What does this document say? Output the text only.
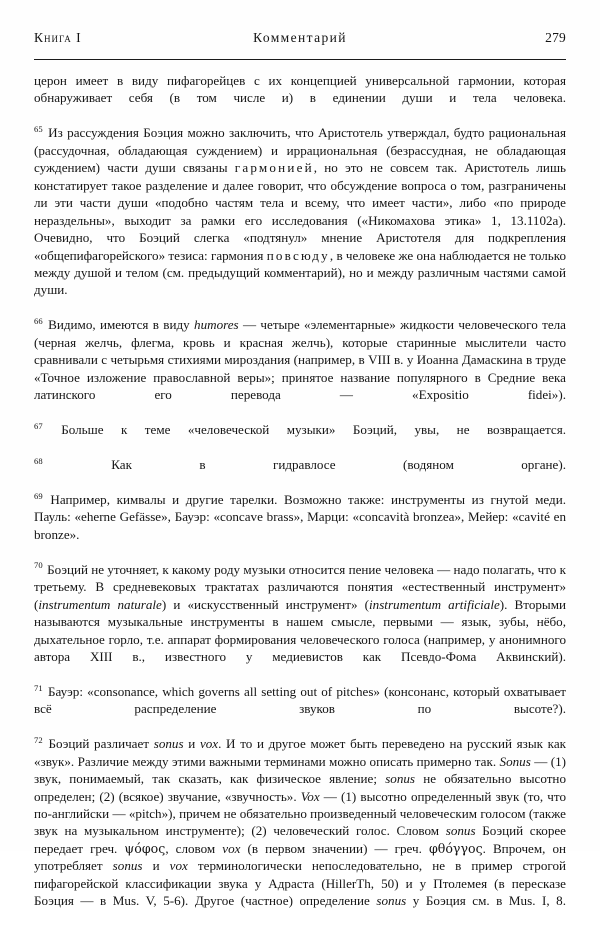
Книга I	Комментарий	279

церон имеет в виду пифагорейцев с их концепцией универсальной гармонии, которая обнаруживает себя (в том числе и) в единении души и тела человека.

$^{65}$ Из рассуждения Боэция можно заключить, что Аристотель утверждал, будто рациональная (рассудочная, обладающая суждением) и иррациональная (безрассудная, не обладающая суждением) части души связаны гармонией, но это не совсем так. Аристотель лишь констатирует такое разделение и далее говорит, что обсуждение вопроса о том, разграничены ли эти части души «подобно частям тела и всему, что имеет части», либо «по природе нераздельны», выходит за рамки его исследования («Никомахова этика» 1, 13.1102a). Очевидно, что Боэций слегка «подтянул» мнение Аристотеля для подкрепления «общепифагорейского» тезиса: гармония повсюду, в человеке же она наблюдается не только между душой и телом (см. предыдущий комментарий), но и между различным частями самой души.

$^{66}$ Видимо, имеются в виду humores — четыре «элементарные» жидкости человеческого тела (черная желчь, флегма, кровь и красная желчь), которые старинные мыслители часто сравнивали с четырьмя стихиями мироздания (например, в VIII в. у Иоанна Дамаскина в труде «Точное изложение православной веры»; принятое название популярного в Средние века латинского его перевода — «Expositio fidei»).

$^{67}$ Больше к теме «человеческой музыки» Боэций, увы, не возвращается.

$^{68}$	Как в гидравлосе (водяном органе).

$^{69}$ Например, кимвалы и другие тарелки. Возможно также: инструменты из гнутой меди. Пауль: «eherne Gefässe», Бауэр: «concave brass», Марци: «concavità bronzea», Мейер: «cavité en bronze».

$^{70}$ Боэций не уточняет, к какому роду музыки относится пение человека — надо полагать, что к третьему. В средневековых трактатах различаются понятия «естественный инструмент» (instrumentum naturale) и «искусственный инструмент» (instrumentum artificiale). Вторыми называются музыкальные инструменты в нашем смысле, первыми — язык, зубы, нёбо, дыхательное горло, т.е. аппарат формирования человеческого голоса (например, у анонимного автора XIII в., известного у медиевистов как Псевдо-Фома Аквинский).

$^{71}$ Бауэр: «consonance, which governs all setting out of pitches» (консонанс, который охватывает всё распределение звуков по высоте?).

$^{72}$ Боэций различает sonus и vox. И то и другое может быть переведено на русский язык как «звук». Различие между этими важными терминами можно описать примерно так. Sonus — (1) звук, понимаемый, так сказать, как физическое явление; sonus не обязательно высотно определен; (2) (всякое) звучание, «звучность». Vox — (1) высотно определенный звук (то, что по-английски — «pitch»), причем не обязательно произведенный человеческим голосом (также звук на музыкальном инструменте); (2) человеческий голос. Словом sonus Боэций скорее передает греч. ψόφος, словом vox (в первом значении) — греч. φθόγγος. Впрочем, он употребляет sonus и vox терминологически непоследовательно, не в пример строгой пифагорейской классификации звука у Адраста (HillerTh, 50) и у Птолемея (в пересказе Боэция — в Mus. V, 5-6). Другое (частное) определение sonus у Боэция см. в Mus. I, 8.
